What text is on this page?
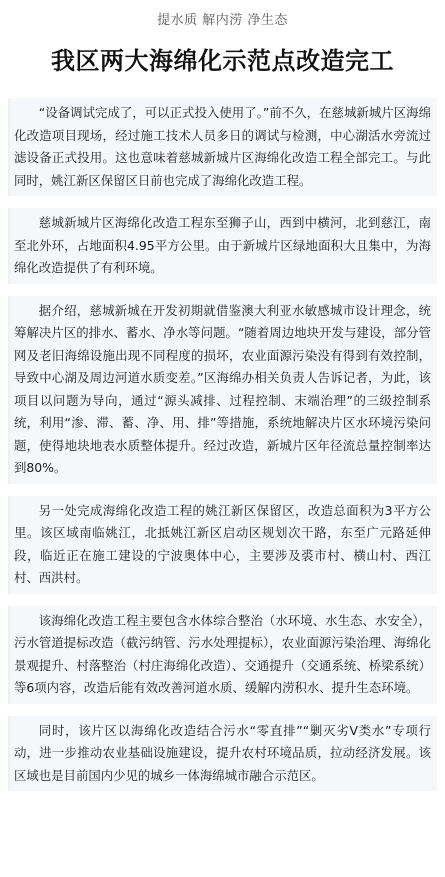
提水质 解内涝 净生态
我区两大海绵化示范点改造完工

“设备调试完成了，可以正式投入使用了。”前不久，在慈城新城片区海绵化改造项目现场，经过施工技术人员多日的调试与检测，中心湖活水旁流过滤设备正式投用。这也意味着慈城新城片区海绵化改造工程全部完工。与此同时，姚江新区保留区日前也完成了海绵化改造工程。

慈城新城片区海绵化改造工程东至狮子山，西到中横河，北到慈江，南至北外环，占地面积4.95平方公里。由于新城片区绿地面积大且集中，为海绵化改造提供了有利环境。

据介绍，慈城新城在开发初期就借鉴澳大利亚水敏感城市设计理念，统筹解决片区的排水、蓄水、净水等问题。“随着周边地块开发与建设，部分管网及老旧海绵设施出现不同程度的损坏，农业面源污染没有得到有效控制，导致中心湖及周边河道水质变差。”区海绵办相关负责人告诉记者，为此，该项目以问题为导向，通过“源头减排、过程控制、末端治理”的三级控制系统，利用“渗、滞、蓄、净、用、排”等措施，系统地解决片区水环境污染问题，使得地块地表水质整体提升。经过改造，新城片区年径流总量控制率达到80%。

另一处完成海绵化改造工程的姚江新区保留区，改造总面积为3平方公里。该区域南临姚江，北抵姚江新区启动区规划次干路，东至广元路延伸段，临近正在施工建设的宁波奥体中心，主要涉及裘市村、横山村、西江村、西洪村。

该海绵化改造工程主要包含水体综合整治（水环境、水生态、水安全），污水管道提标改造（截污纳管、污水处理提标），农业面源污染治理、海绵化景观提升、村落整治（村庄海绵化改造）、交通提升（交通系统、桥梁系统）等6项内容，改造后能有效改善河道水质、缓解内涝积水、提升生态环境。

同时，该片区以海绵化改造结合污水“零直排”“剿灭劣Ⅴ类水”专项行动，进一步推动农业基础设施建设，提升农村环境品质，拉动经济发展。该区域也是目前国内少见的城乡一体海绵城市融合示范区。
